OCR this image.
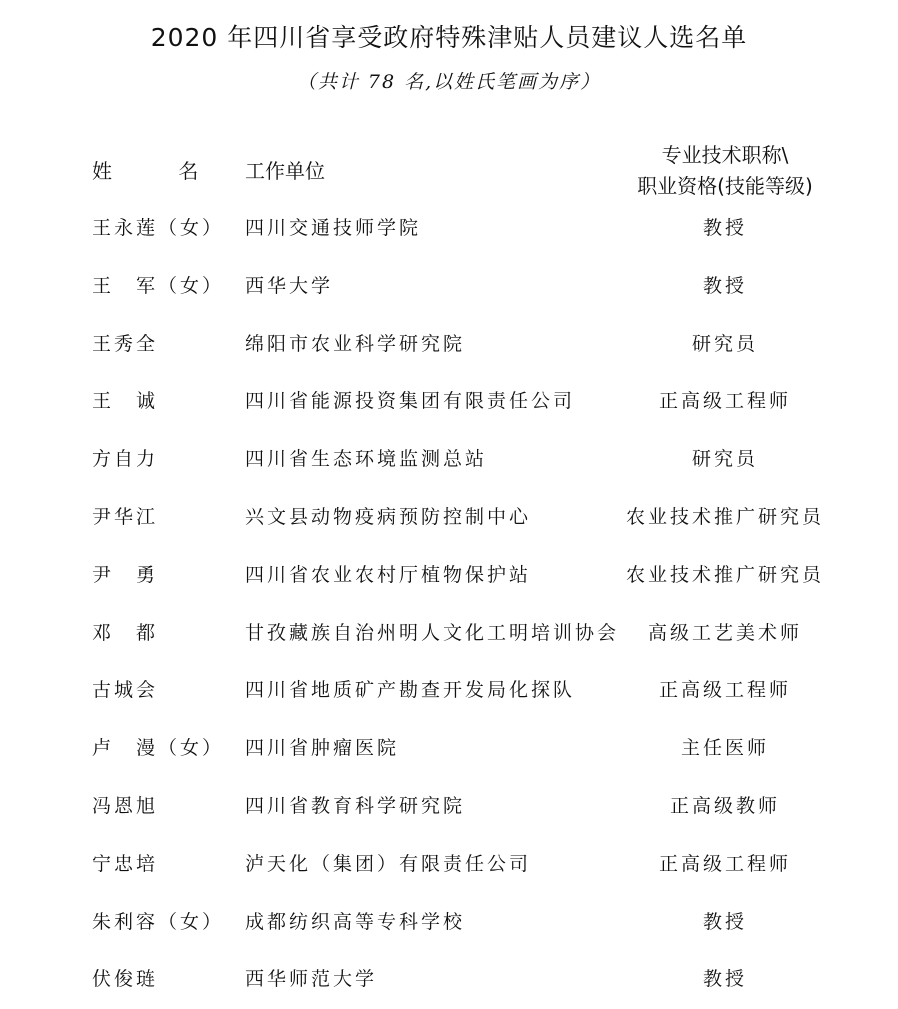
2020 年四川省享受政府特殊津贴人员建议人选名单
（共计 78 名,以姓氏笔画为序）
姓 名 工作单位
专业技术职称\
职业资格(技能等级)
王永莲（女） 四川交通技师学院	教授
王　军（女） 西华大学	教授
王秀全	绵阳市农业科学研究院	研究员
王　诚	四川省能源投资集团有限责任公司	正高级工程师
方自力	四川省生态环境监测总站	研究员
尹华江	兴文县动物疫病预防控制中心	农业技术推广研究员
尹　勇	四川省农业农村厅植物保护站	农业技术推广研究员
邓　都	甘孜藏族自治州明人文化工明培训协会	高级工艺美术师
古城会	四川省地质矿产勘查开发局化探队	正高级工程师
卢　漫（女） 四川省肿瘤医院	主任医师
冯恩旭	四川省教育科学研究院	正高级教师
宁忠培	泸天化（集团）有限责任公司	正高级工程师
朱利容（女） 成都纺织高等专科学校	教授
伏俊琏	西华师范大学	教授
